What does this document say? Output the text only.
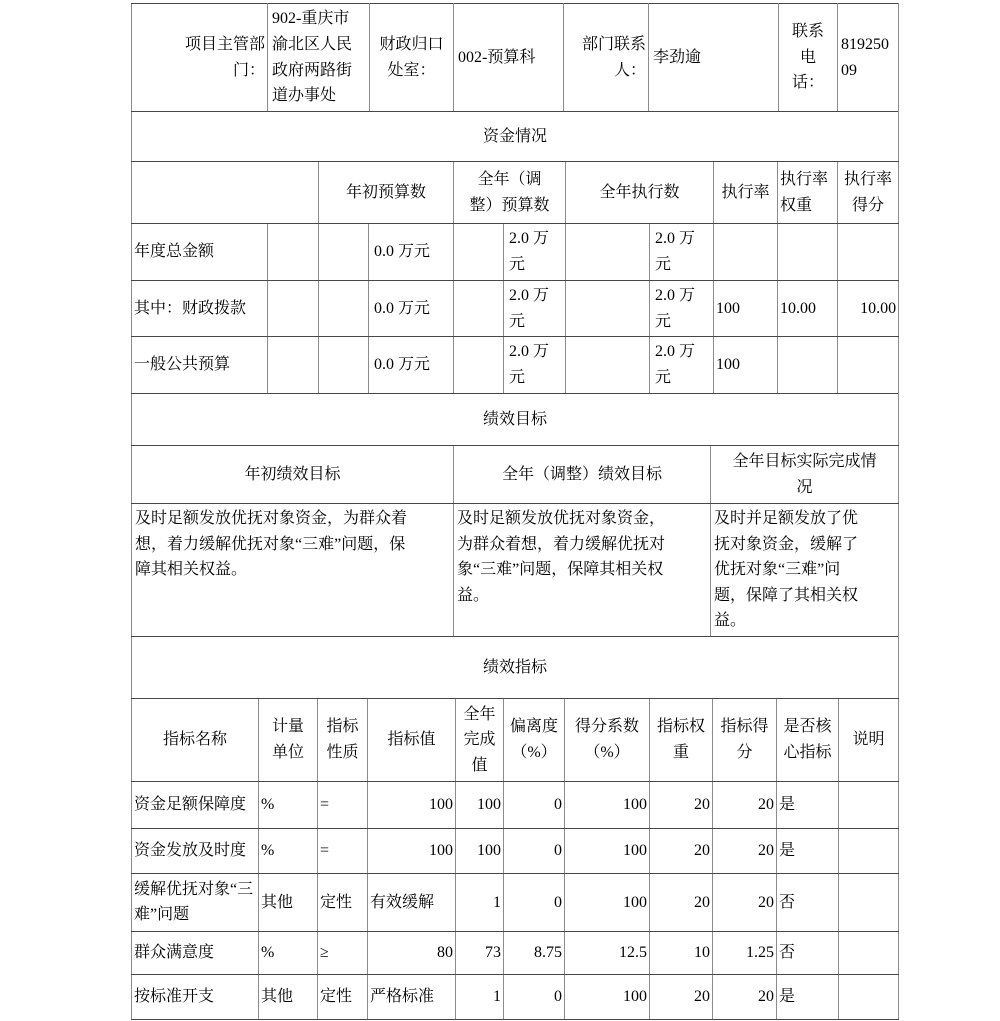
项目主管部门：
	902-重庆市渝北区人民政府两路街道办事处	
财政归口处室：
	002-预算科	
部门联系人：
	李劲逾	
联系电话：
	81925009
资金情况										
		年初预算数		全年（调整）预算数		全年执行数		执行率	执行率权重	执行率得分

年度总金额			0.0 万元		2.0 万元		2.0 万元			
其中：财政拨款			0.0 万元		2.0 万元		2.0 万元	100	10.00	10.00
一般公共预算			0.0 万元		2.0 万元		2.0 万元	100		
绩效目标		
年初绩效目标	全年（调整）绩效目标	全年目标实际完成情况

及时足额发放优抚对象资金，为群众着想，着力缓解优抚对象“三难”问题，保障其相关权益。	及时足额发放优抚对象资金，为群众着想，着力缓解优抚对象“三难”问题，保障其相关权益。	及时并足额发放了优抚对象资金，缓解了优抚对象“三难”问题，保障了其相关权益。
绩效指标										
指标名称	计量单位	指标性质	指标值	全年完成值	偏离度（%）	得分系数（%）	指标权重	指标得分	是否核心指标	说明
资金足额保障度	%	=	100	100	0	100	20	20	是	
资金发放及时度	%	=	100	100	0	100	20	20	是	
缓解优抚对象“三难”问题	其他	定性	有效缓解	1	0	100	20	20	否	
群众满意度	%	≥	80	73	8.75	12.5	10	1.25	否	
按标准开支	其他	定性	严格标准	1	0	100	20	20	是	
